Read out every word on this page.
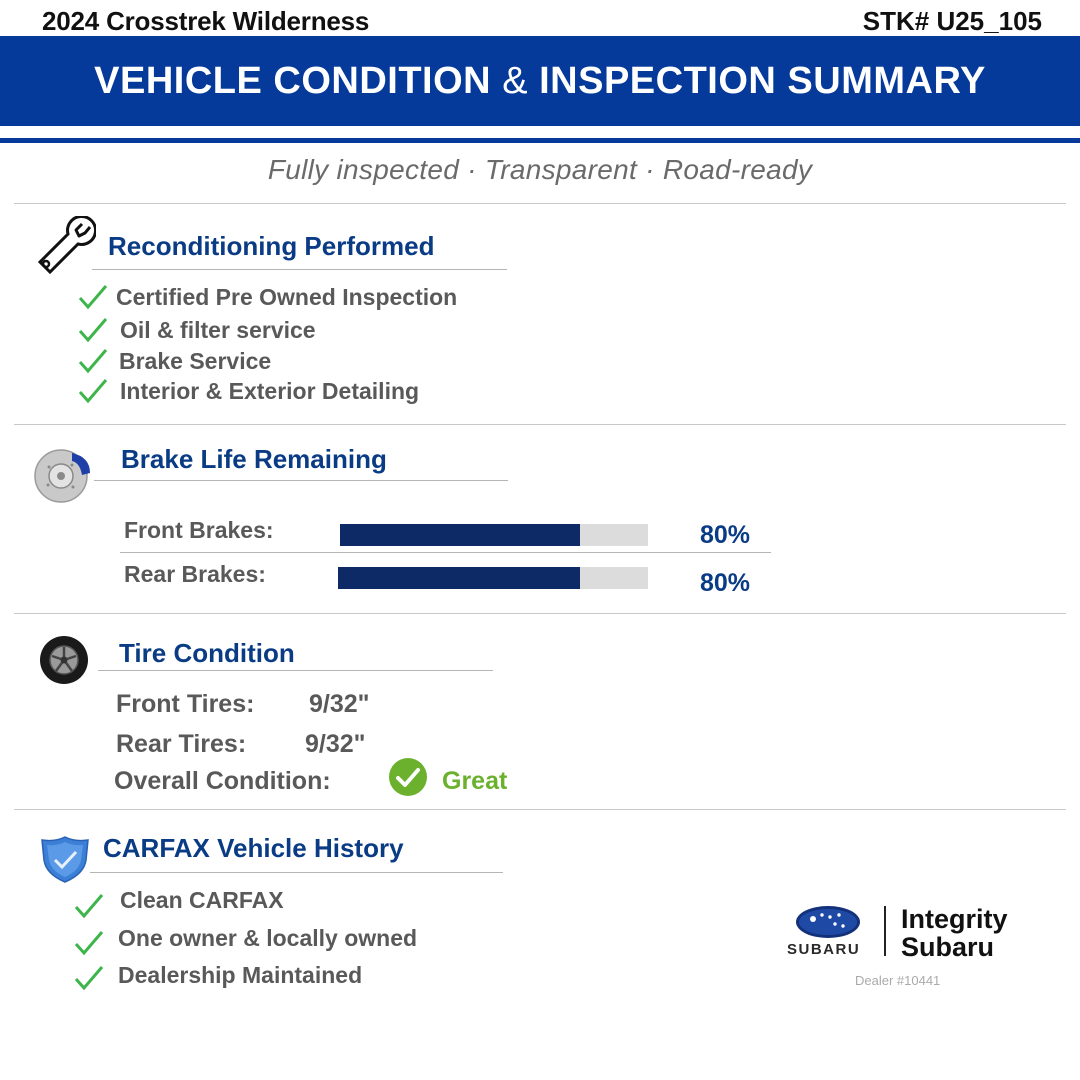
2024 Crosstrek Wilderness	STK# U25_105
VEHICLE CONDITION & INSPECTION SUMMARY
Fully inspected · Transparent · Road-ready
Reconditioning Performed
Certified Pre Owned Inspection
Oil & filter service
Brake Service
Interior & Exterior Detailing
Brake Life Remaining
Front Brakes:	80%
Rear Brakes:	80%
Tire Condition
Front Tires: 9/32"
Rear Tires: 9/32"
Overall Condition:	Great
CARFAX Vehicle History
Clean CARFAX
One owner & locally owned
Dealership Maintained
SUBARU
Integrity
Subaru
Dealer #10441
